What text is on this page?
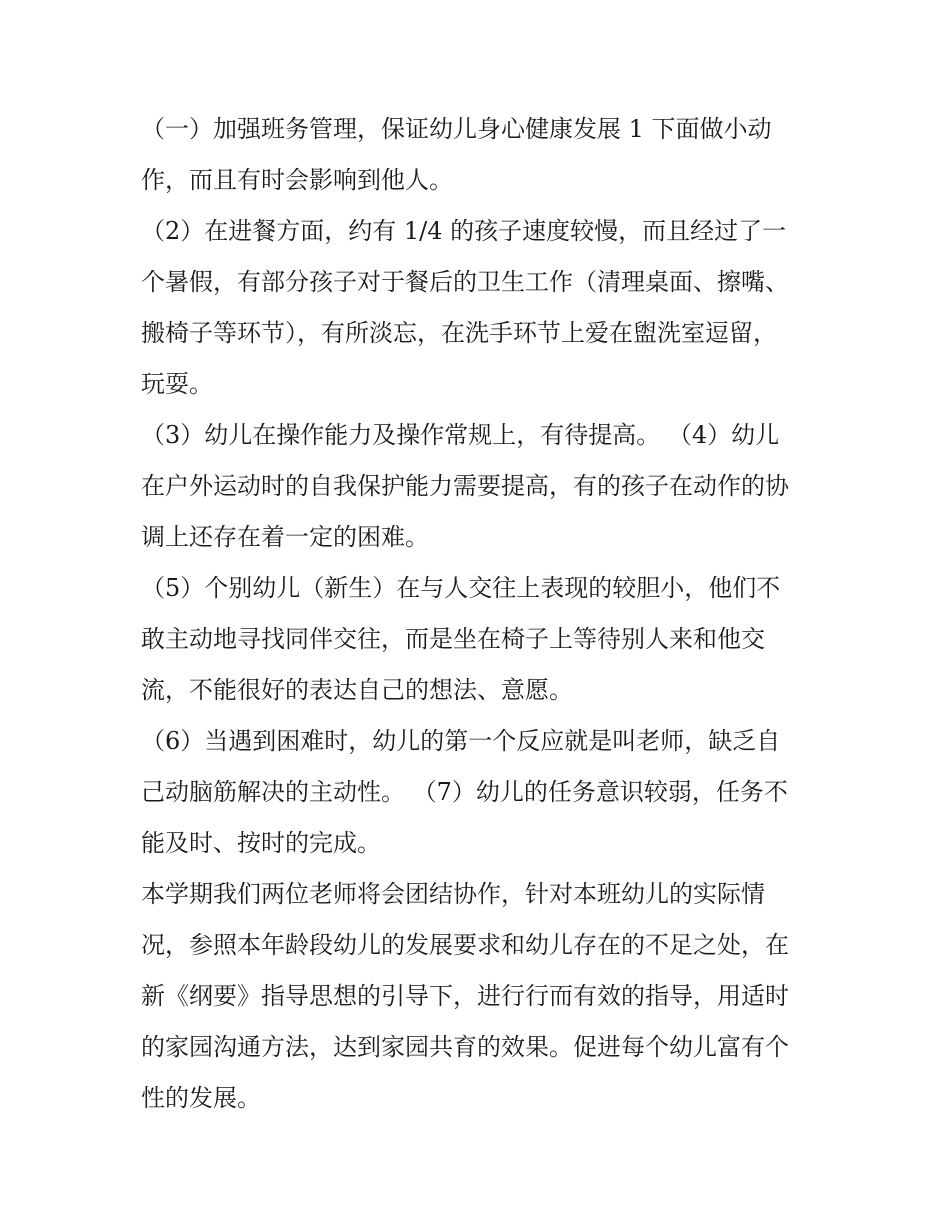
（一）加强班务管理，保证幼儿身心健康发展 1 下面做小动
作，而且有时会影响到他人。
（2）在进餐方面，约有 1/4 的孩子速度较慢，而且经过了一
个暑假，有部分孩子对于餐后的卫生工作（清理桌面、擦嘴、
搬椅子等环节），有所淡忘，在洗手环节上爱在盥洗室逗留，
玩耍。
（3）幼儿在操作能力及操作常规上，有待提高。 （4）幼儿
在户外运动时的自我保护能力需要提高，有的孩子在动作的协
调上还存在着一定的困难。
（5）个别幼儿（新生）在与人交往上表现的较胆小，他们不
敢主动地寻找同伴交往，而是坐在椅子上等待别人来和他交
流，不能很好的表达自己的想法、意愿。
（6）当遇到困难时，幼儿的第一个反应就是叫老师，缺乏自
己动脑筋解决的主动性。 （7）幼儿的任务意识较弱，任务不
能及时、按时的完成。
本学期我们两位老师将会团结协作，针对本班幼儿的实际情
况，参照本年龄段幼儿的发展要求和幼儿存在的不足之处，在
新《纲要》指导思想的引导下，进行行而有效的指导，用适时
的家园沟通方法，达到家园共育的效果。促进每个幼儿富有个
性的发展。
